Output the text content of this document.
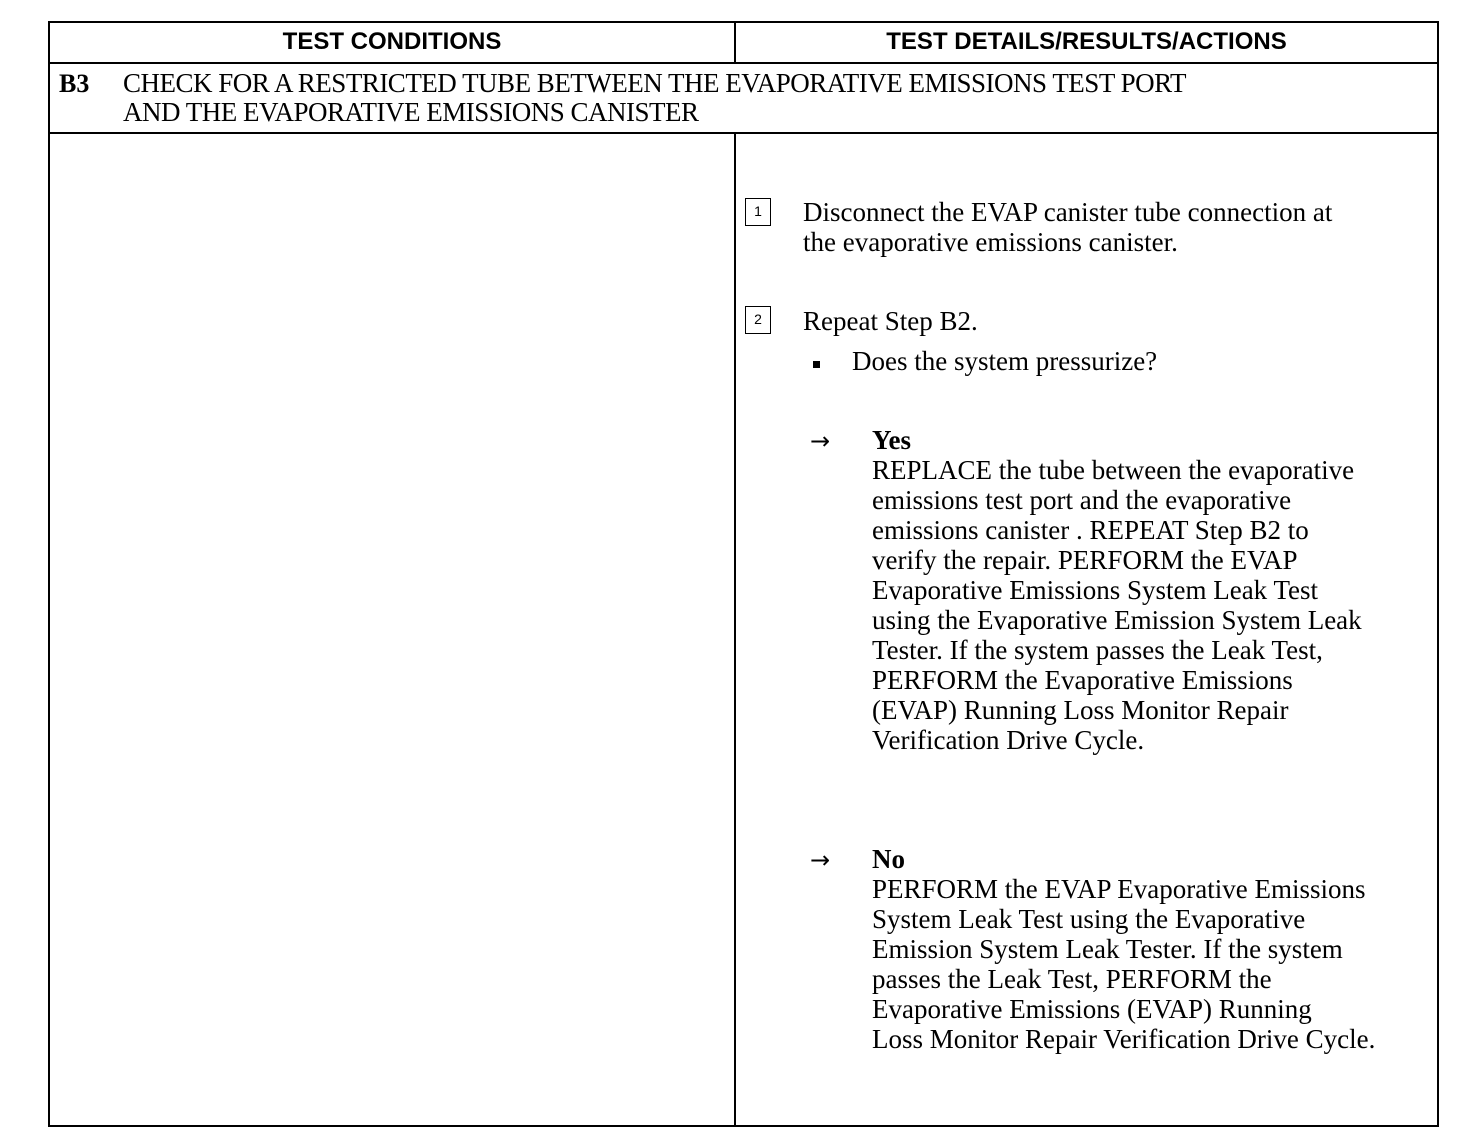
TEST CONDITIONS	TEST DETAILS/RESULTS/ACTIONS
B3 CHECK FOR A RESTRICTED TUBE BETWEEN THE EVAPORATIVE EMISSIONS TEST PORT
AND THE EVAPORATIVE EMISSIONS CANISTER
1	Disconnect the EVAP canister tube connection at
the evaporative emissions canister.
2	Repeat Step B2.
Does the system pressurize?
→ Yes
REPLACE the tube between the evaporative
emissions test port and the evaporative
emissions canister . REPEAT Step B2 to
verify the repair. PERFORM the EVAP
Evaporative Emissions System Leak Test
using the Evaporative Emission System Leak
Tester. If the system passes the Leak Test,
PERFORM the Evaporative Emissions
(EVAP) Running Loss Monitor Repair
Verification Drive Cycle.
→ No
PERFORM the EVAP Evaporative Emissions
System Leak Test using the Evaporative
Emission System Leak Tester. If the system
passes the Leak Test, PERFORM the
Evaporative Emissions (EVAP) Running
Loss Monitor Repair Verification Drive Cycle.
